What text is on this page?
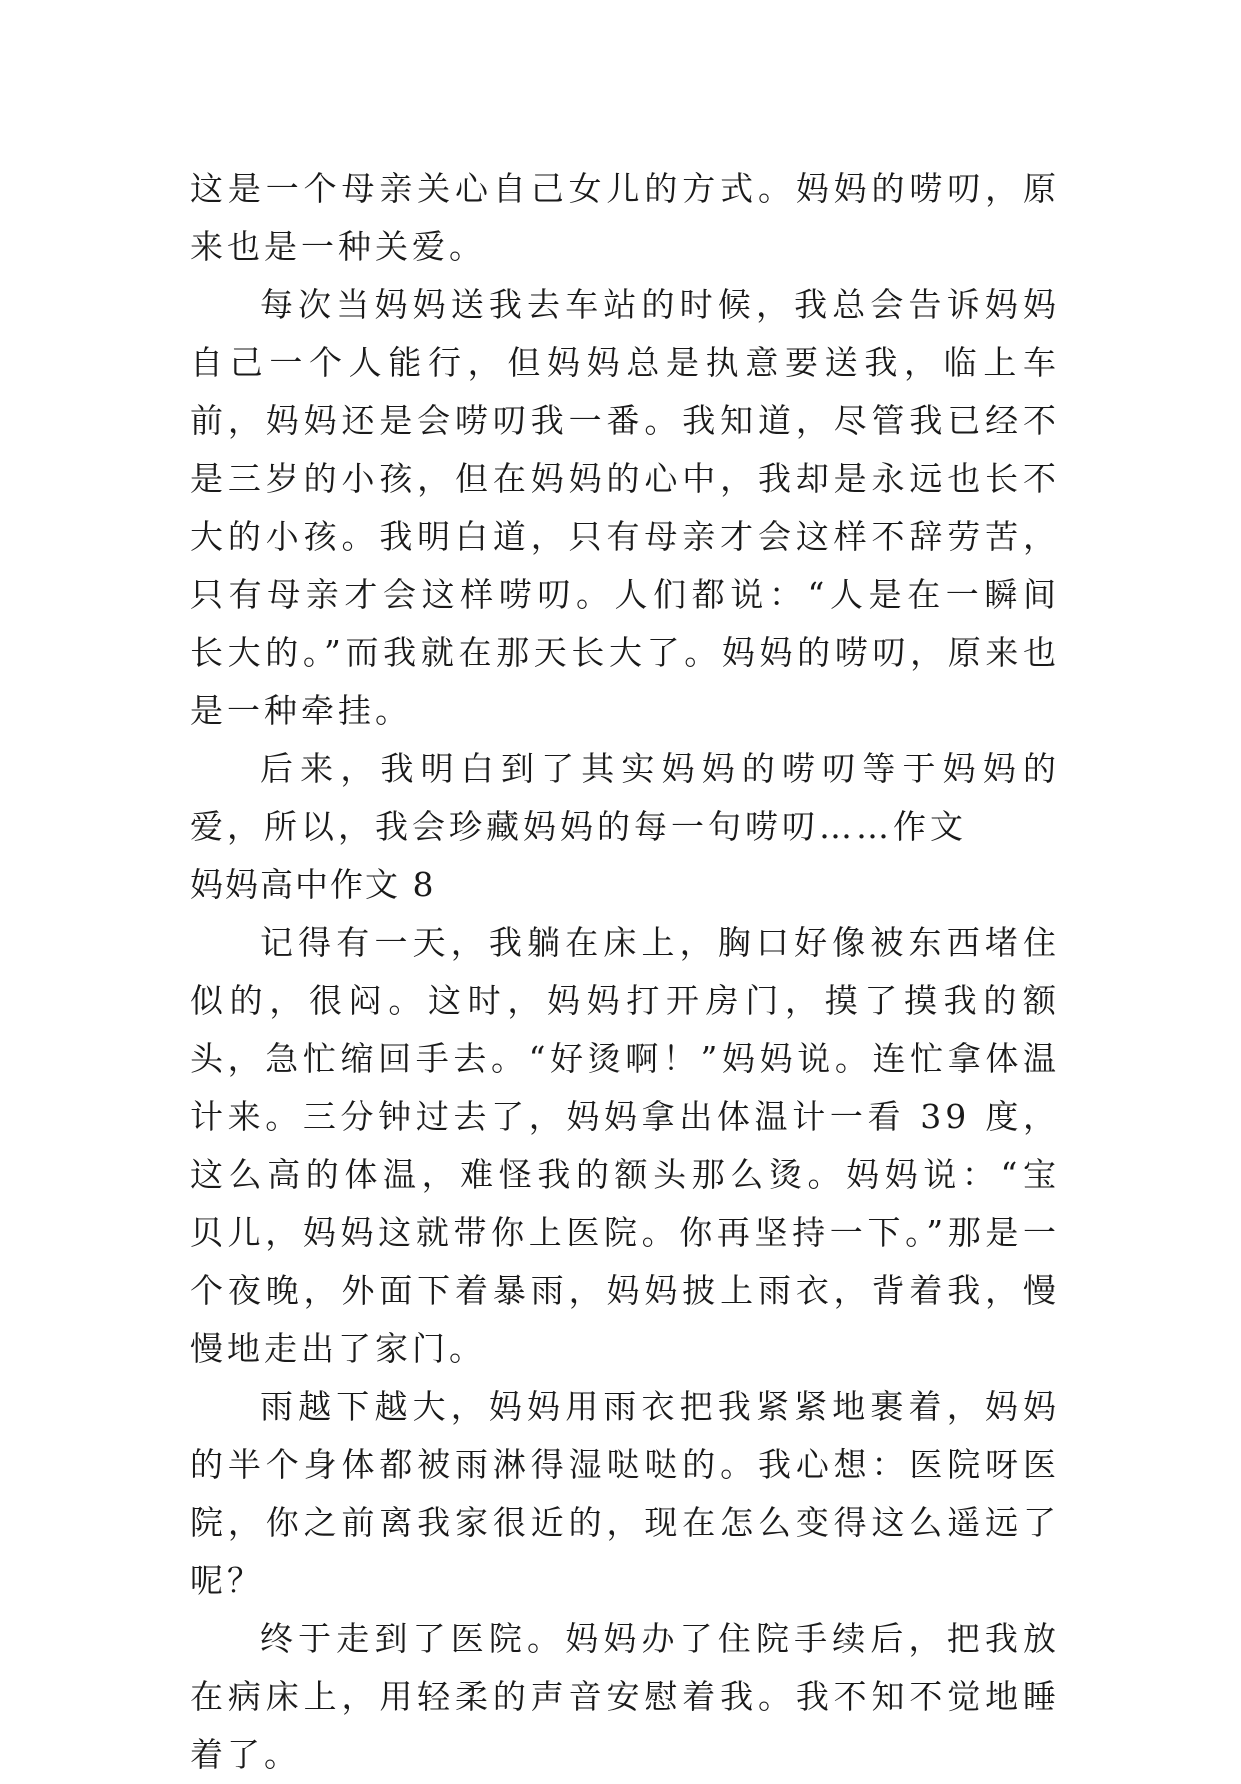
这是一个母亲关心自己女儿的方式。妈妈的唠叨，原来也是一种关爱。

每次当妈妈送我去车站的时候，我总会告诉妈妈自己一个人能行，但妈妈总是执意要送我，临上车前，妈妈还是会唠叨我一番。我知道，尽管我已经不是三岁的小孩，但在妈妈的心中，我却是永远也长不大的小孩。我明白道，只有母亲才会这样不辞劳苦，只有母亲才会这样唠叨。人们都说：“人是在一瞬间长大的。”而我就在那天长大了。妈妈的唠叨，原来也是一种牵挂。

后来，我明白到了其实妈妈的唠叨等于妈妈的爱，所以，我会珍藏妈妈的每一句唠叨……作文

妈妈高中作文 8

记得有一天，我躺在床上，胸口好像被东西堵住似的，很闷。这时，妈妈打开房门，摸了摸我的额头，急忙缩回手去。“好烫啊！”妈妈说。连忙拿体温计来。三分钟过去了，妈妈拿出体温计一看 39 度，这么高的体温，难怪我的额头那么烫。妈妈说：“宝贝儿，妈妈这就带你上医院。你再坚持一下。”那是一个夜晚，外面下着暴雨，妈妈披上雨衣，背着我，慢慢地走出了家门。

雨越下越大，妈妈用雨衣把我紧紧地裹着，妈妈的半个身体都被雨淋得湿哒哒的。我心想：医院呀医院，你之前离我家很近的，现在怎么变得这么遥远了呢？

终于走到了医院。妈妈办了住院手续后，把我放在病床上，用轻柔的声音安慰着我。我不知不觉地睡着了。
